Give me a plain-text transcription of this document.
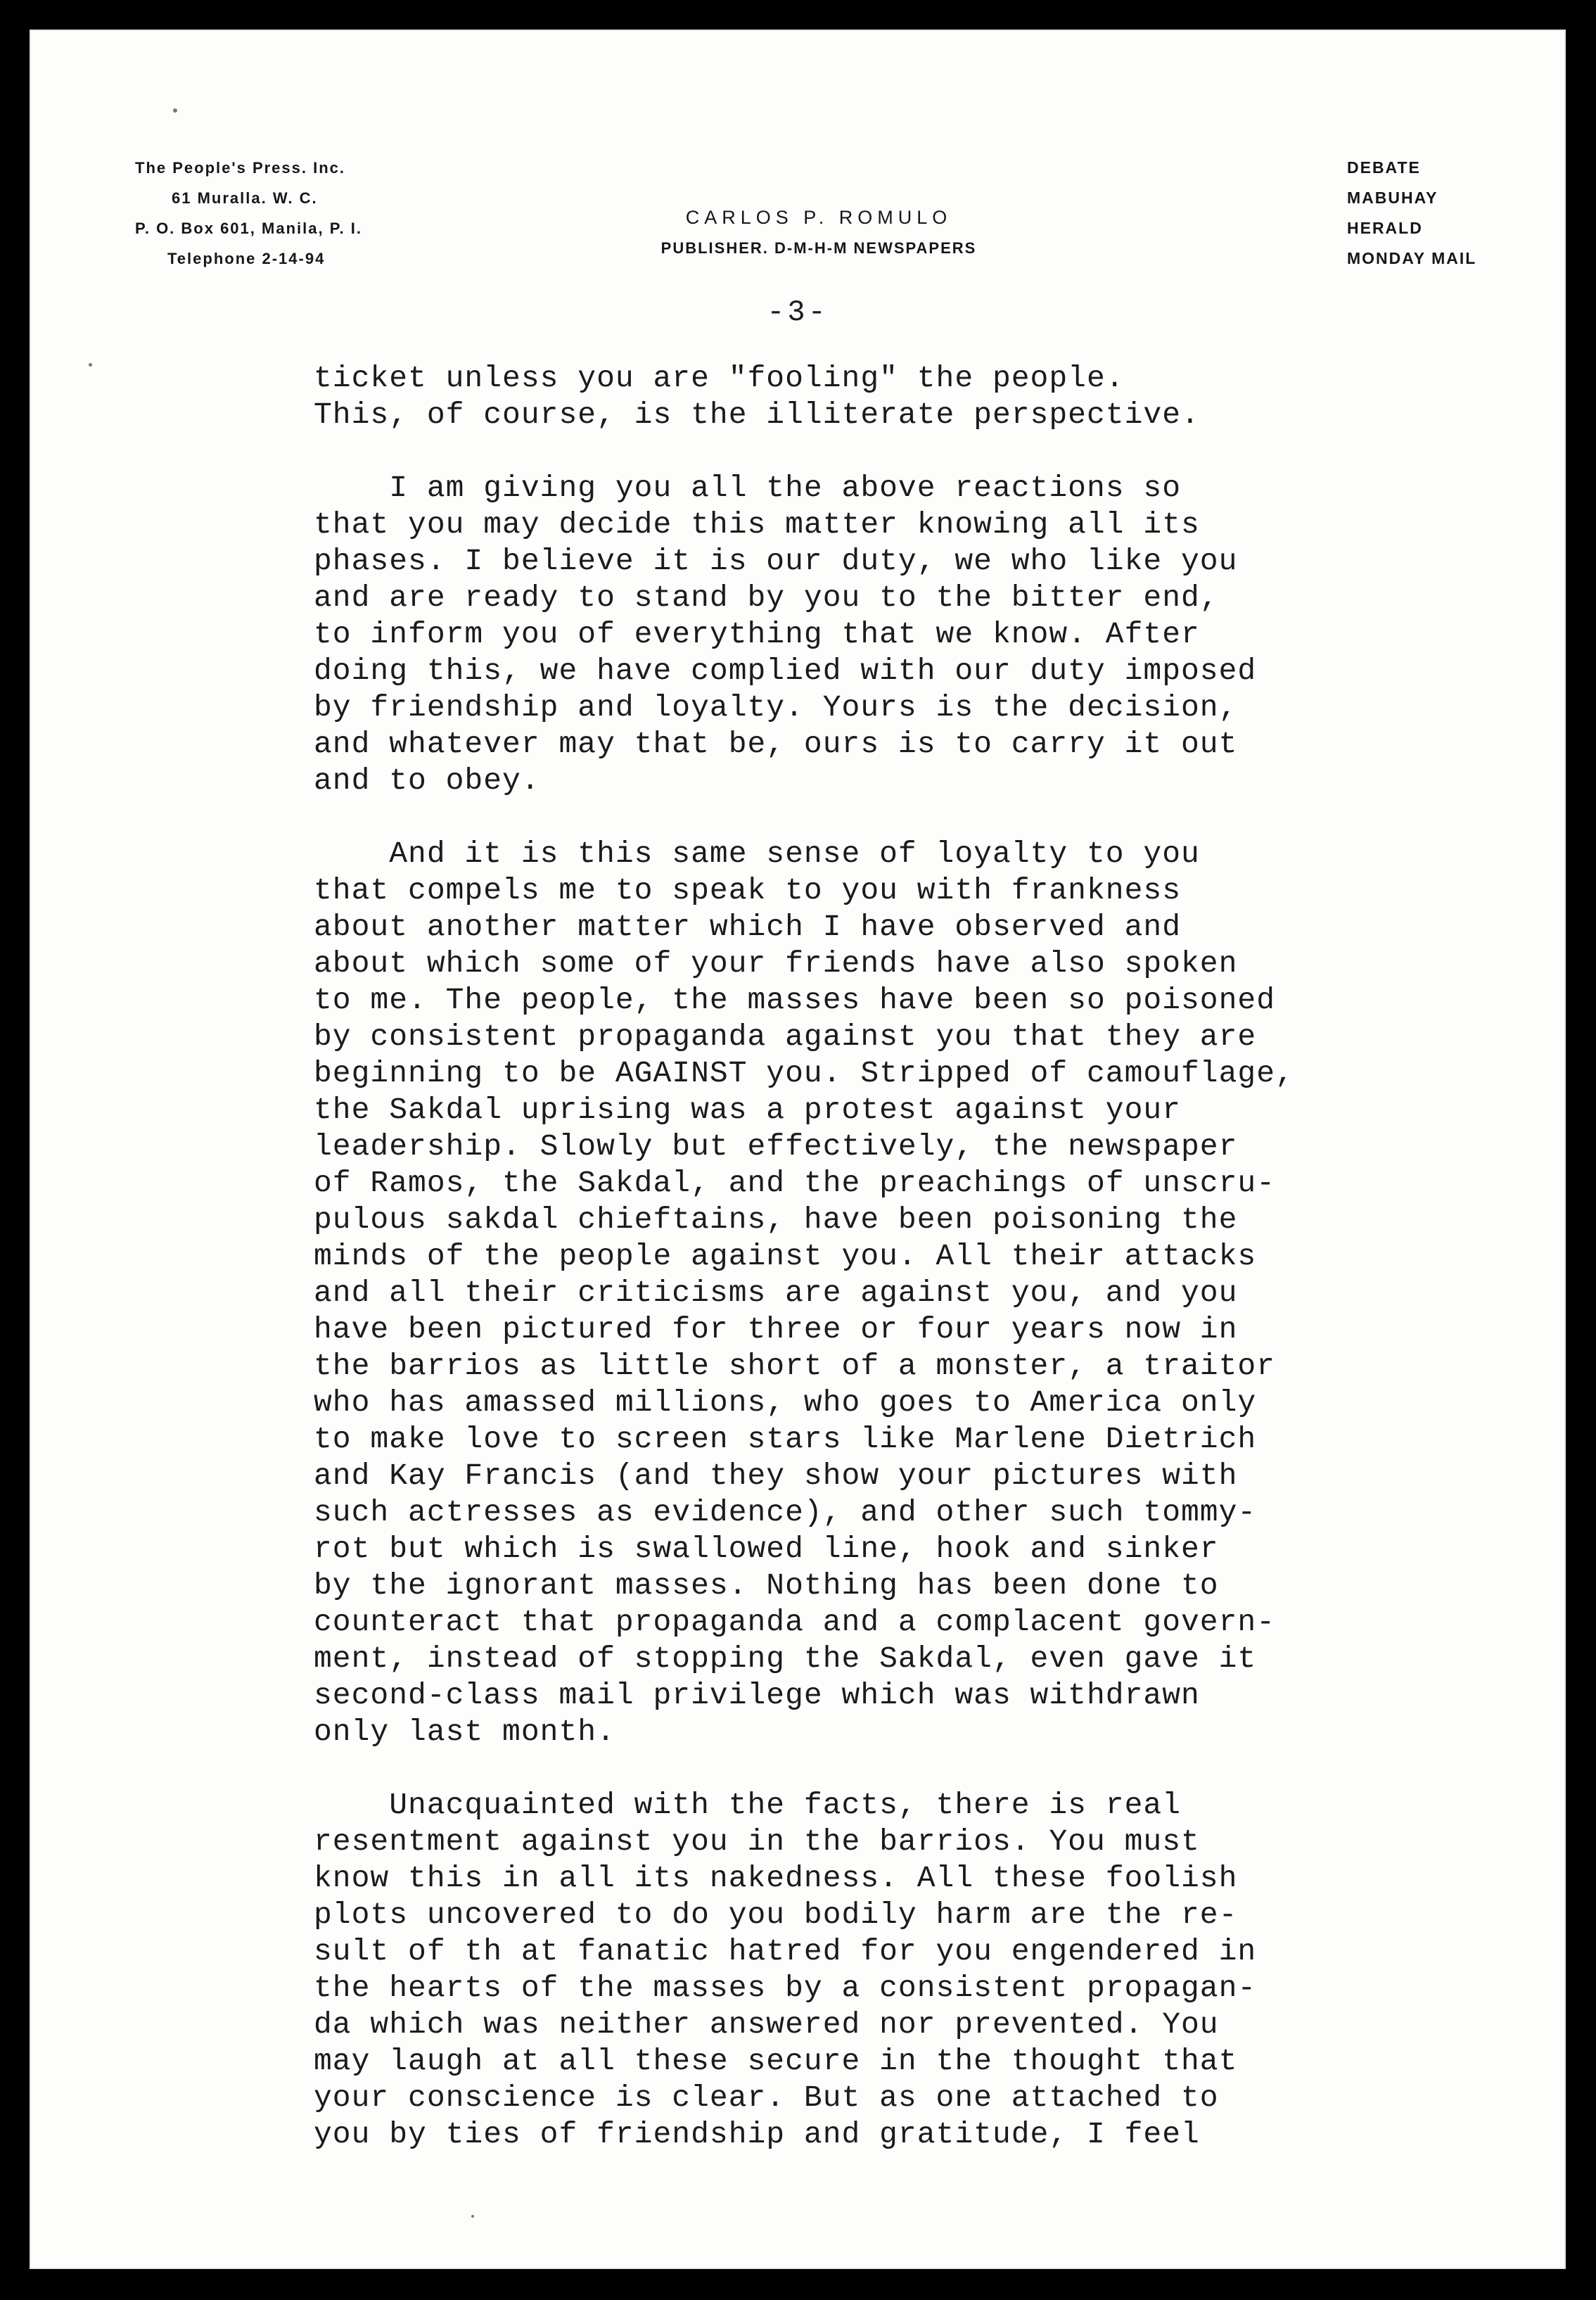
The People's Press. Inc.
61 Muralla. W. C.
P. O. Box 601, Manila, P. I.
Telephone 2-14-94
CARLOS P. ROMULO
PUBLISHER. D-M-H-M NEWSPAPERS
DEBATE
MABUHAY
HERALD
MONDAY MAIL
-3-
ticket unless you are "fooling" the people.
This, of course, is the illiterate perspective.
I am giving you all the above reactions so
that you may decide this matter knowing all its
phases. I believe it is our duty, we who like you
and are ready to stand by you to the bitter end,
to inform you of everything that we know. After
doing this, we have complied with our duty imposed
by friendship and loyalty. Yours is the decision,
and whatever may that be, ours is to carry it out
and to obey.
And it is this same sense of loyalty to you
that compels me to speak to you with frankness
about another matter which I have observed and
about which some of your friends have also spoken
to me. The people, the masses have been so poisoned
by consistent propaganda against you that they are
beginning to be AGAINST you. Stripped of camouflage,
the Sakdal uprising was a protest against your
leadership. Slowly but effectively, the newspaper
of Ramos, the Sakdal, and the preachings of unscru-
pulous sakdal chieftains, have been poisoning the
minds of the people against you. All their attacks
and all their criticisms are against you, and you
have been pictured for three or four years now in
the barrios as little short of a monster, a traitor
who has amassed millions, who goes to America only
to make love to screen stars like Marlene Dietrich
and Kay Francis (and they show your pictures with
such actresses as evidence), and other such tommy-
rot but which is swallowed line, hook and sinker
by the ignorant masses. Nothing has been done to
counteract that propaganda and a complacent govern-
ment, instead of stopping the Sakdal, even gave it
second-class mail privilege which was withdrawn
only last month.
Unacquainted with the facts, there is real
resentment against you in the barrios. You must
know this in all its nakedness. All these foolish
plots uncovered to do you bodily harm are the re-
sult of th at fanatic hatred for you engendered in
the hearts of the masses by a consistent propagan-
da which was neither answered nor prevented. You
may laugh at all these secure in the thought that
your conscience is clear. But as one attached to
you by ties of friendship and gratitude, I feel
